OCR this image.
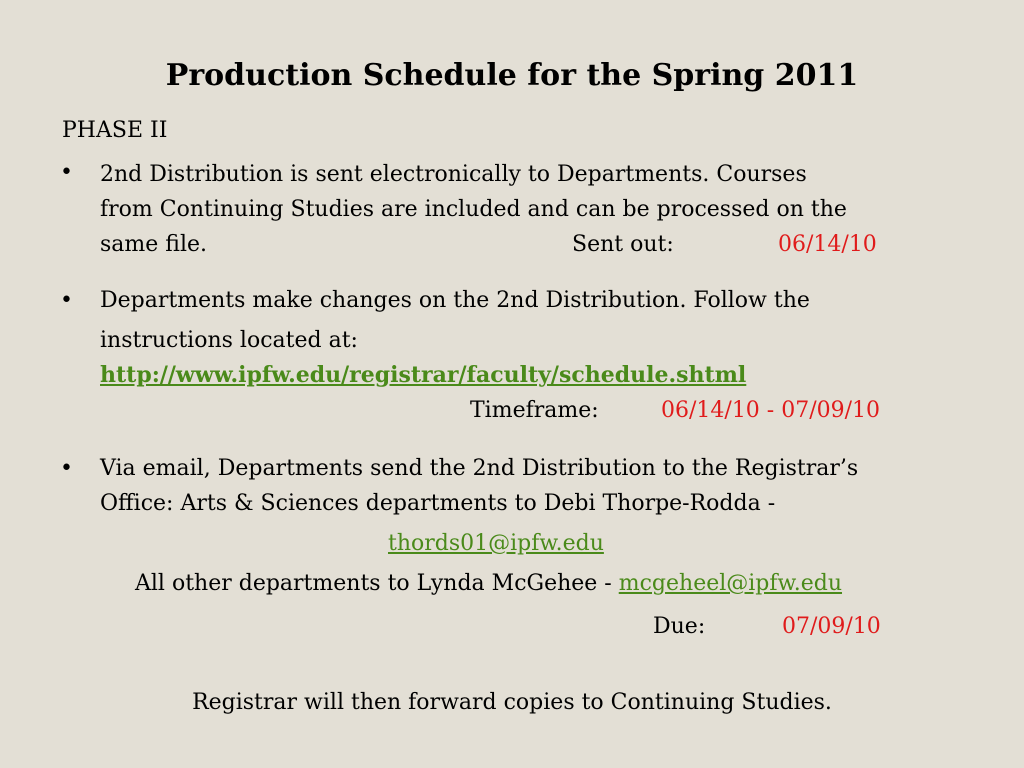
Production Schedule for the Spring 2011
PHASE II
• 2nd Distribution is sent electronically to Departments. Courses
from Continuing Studies are included and can be processed on the
same file.	Sent out:	06/14/10
• Departments make changes on the 2nd Distribution. Follow the
instructions located at:
http://www.ipfw.edu/registrar/faculty/schedule.shtml
Timeframe:	06/14/10 - 07/09/10
• Via email, Departments send the 2nd Distribution to the Registrar’s
Office: Arts & Sciences departments to Debi Thorpe-Rodda -
thords01@ipfw.edu
All other departments to Lynda McGehee - mcgeheel@ipfw.edu
Due:	07/09/10
Registrar will then forward copies to Continuing Studies.
